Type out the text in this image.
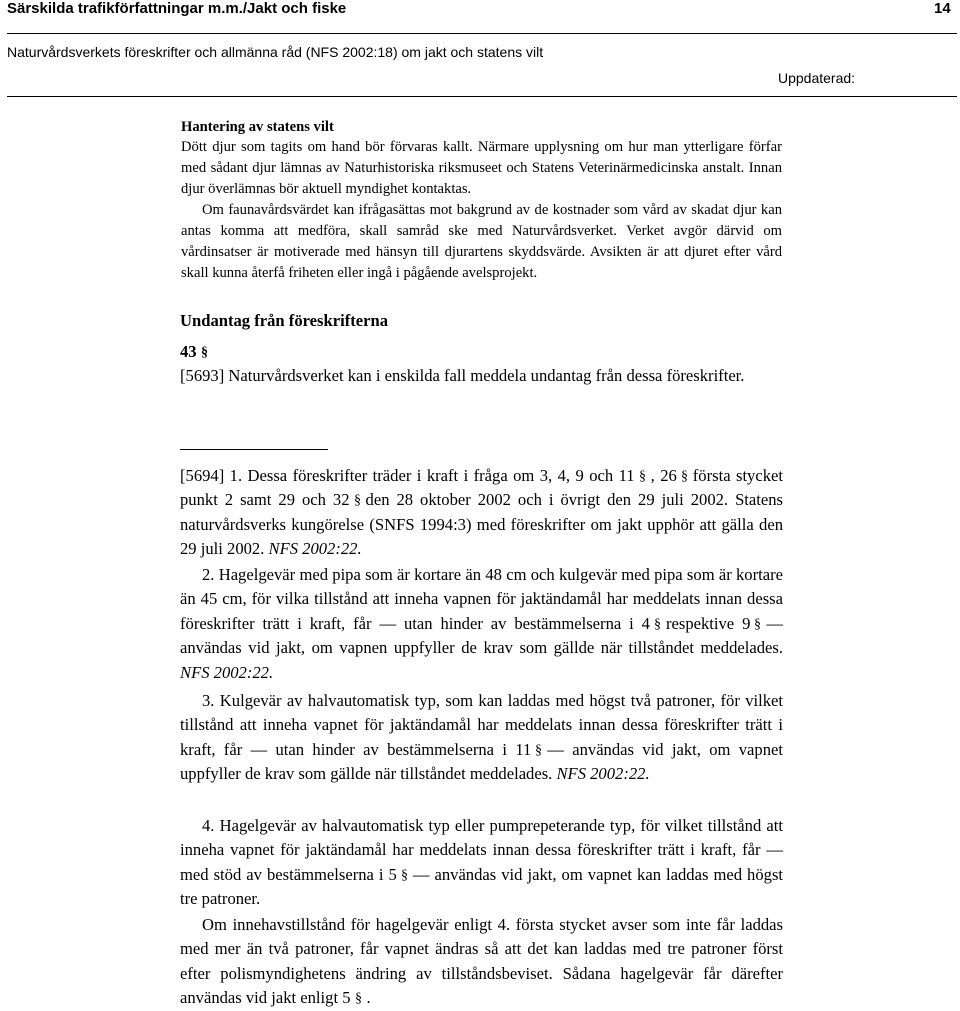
Särskilda trafikförfattningar m.m./Jakt och fiske	14
Naturvårdsverkets föreskrifter och allmänna råd (NFS 2002:18) om jakt och statens vilt
Uppdaterad:

Hantering av statens vilt

Dött djur som tagits om hand bör förvaras kallt. Närmare upplysning om hur man ytterligare förfar med sådant djur lämnas av Naturhistoriska riksmuseet och Statens Veterinärmedicinska anstalt. Innan djur överlämnas bör aktuell myndighet kontaktas.

Om faunavårdsvärdet kan ifrågasättas mot bakgrund av de kostnader som vård av skadat djur kan antas komma att medföra, skall samråd ske med Naturvårdsverket. Verket avgör därvid om vårdinsatser är motiverade med hänsyn till djurartens skyddsvärde. Avsikten är att djuret efter vård skall kunna återfå friheten eller ingå i pågående avelsprojekt.

Undantag från föreskrifterna

43 §

[5693] Naturvårdsverket kan i enskilda fall meddela undantag från dessa föreskrifter.

[5694] 1. Dessa föreskrifter träder i kraft i fråga om 3, 4, 9 och 11 § , 26 § första stycket punkt 2 samt 29 och 32 § den 28 oktober 2002 och i övrigt den 29 juli 2002. Statens naturvårdsverks kungörelse (SNFS 1994:3) med föreskrifter om jakt upphör att gälla den 29 juli 2002. NFS 2002:22.

2. Hagelgevär med pipa som är kortare än 48 cm och kulgevär med pipa som är kortare än 45 cm, för vilka tillstånd att inneha vapnen för jaktändamål har meddelats innan dessa föreskrifter trätt i kraft, får — utan hinder av bestämmelserna i 4 § respektive 9 § — användas vid jakt, om vapnen uppfyller de krav som gällde när tillståndet meddelades. NFS 2002:22.

3. Kulgevär av halvautomatisk typ, som kan laddas med högst två patroner, för vilket tillstånd att inneha vapnet för jaktändamål har meddelats innan dessa föreskrifter trätt i kraft, får — utan hinder av bestämmelserna i 11 § — användas vid jakt, om vapnet uppfyller de krav som gällde när tillståndet meddelades. NFS 2002:22.

4. Hagelgevär av halvautomatisk typ eller pumprepeterande typ, för vilket tillstånd att inneha vapnet för jaktändamål har meddelats innan dessa föreskrifter trätt i kraft, får — med stöd av bestämmelserna i 5 § — användas vid jakt, om vapnet kan laddas med högst tre patroner.

Om innehavstillstånd för hagelgevär enligt 4. första stycket avser som inte får laddas med mer än två patroner, får vapnet ändras så att det kan laddas med tre patroner först efter polismyndighetens ändring av tillståndsbeviset. Sådana hagelgevär får därefter användas vid jakt enligt 5 § .
